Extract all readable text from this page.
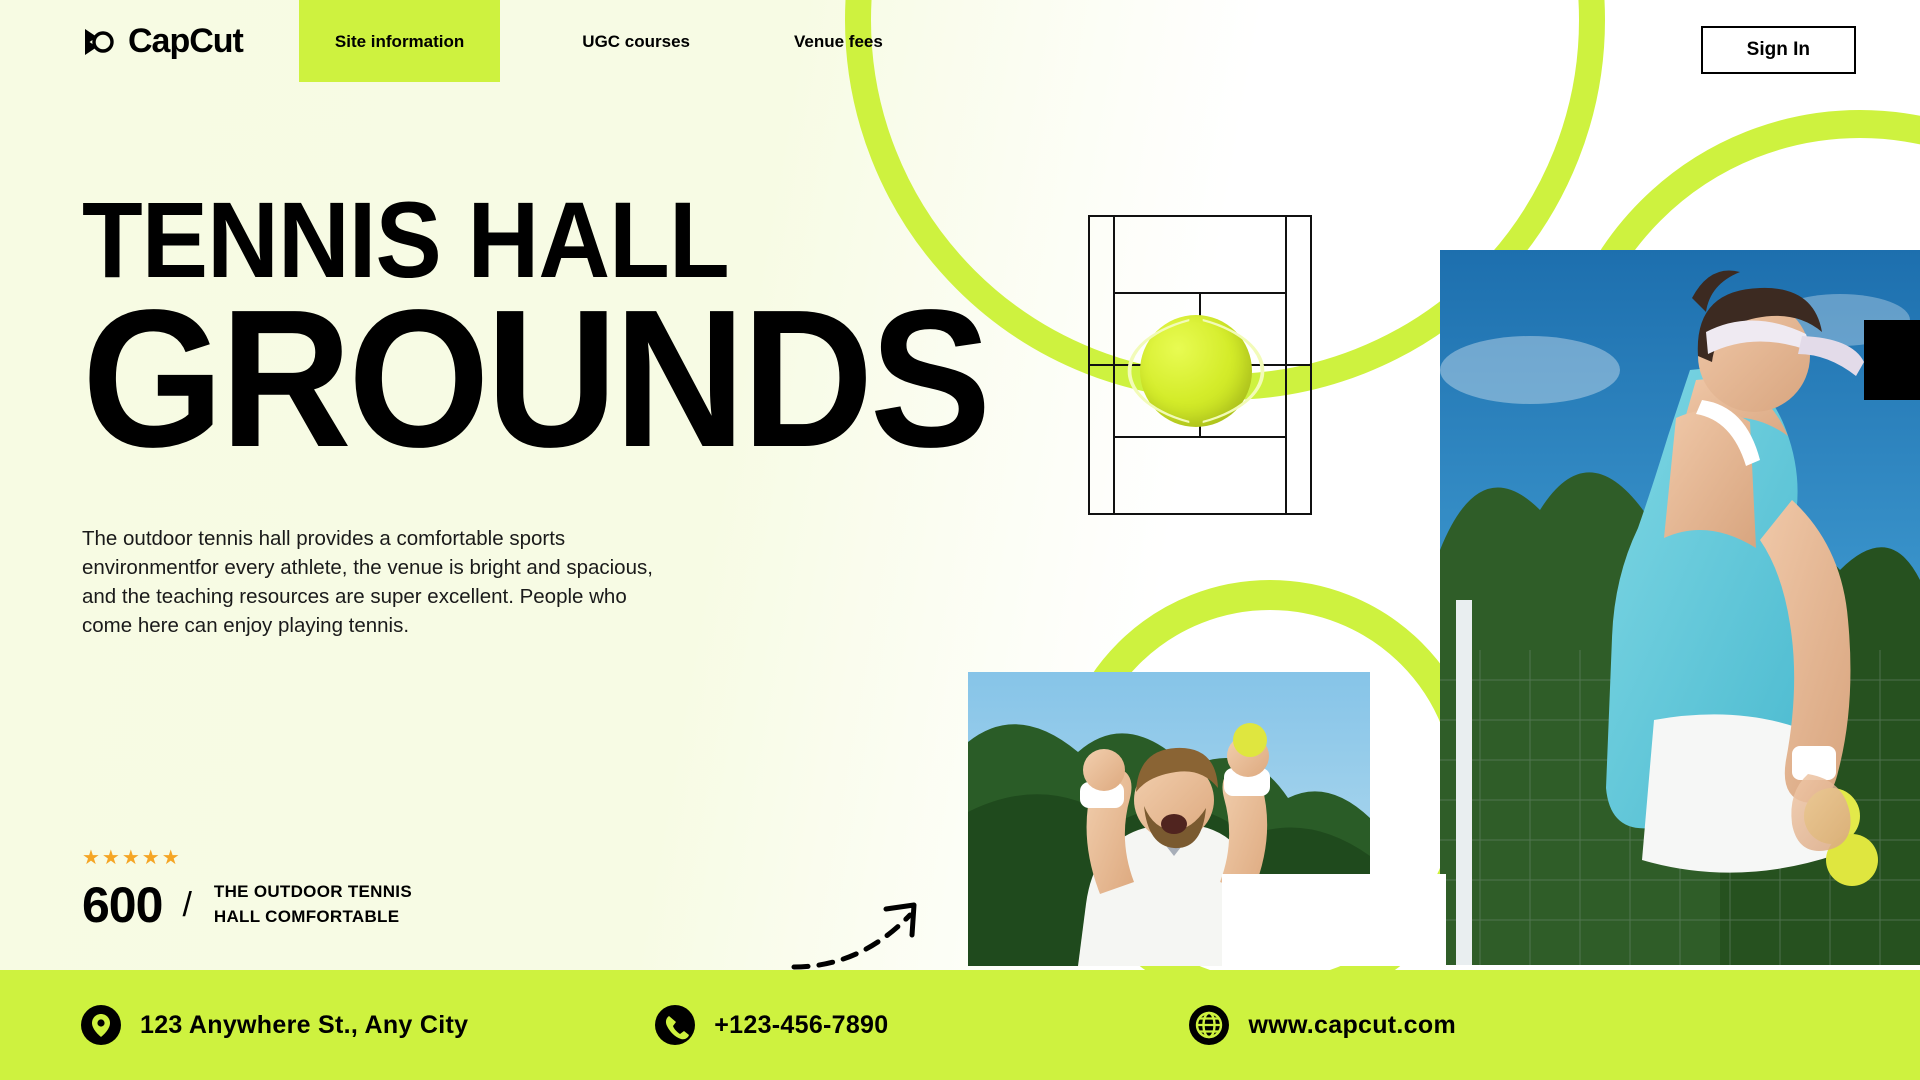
CapCut	Site information	UGC courses	Venue fees	Sign In
TENNIS HALL
GROUNDS

The outdoor tennis hall provides a comfortable sports environmentfor every athlete, the venue is bright and spacious, and the teaching resources are super excellent. People who come here can enjoy playing tennis.

★★★★★
600 / THE OUTDOOR TENNIS
HALL COMFORTABLE
123 Anywhere St., Any City	+123-456-7890	www.capcut.com
